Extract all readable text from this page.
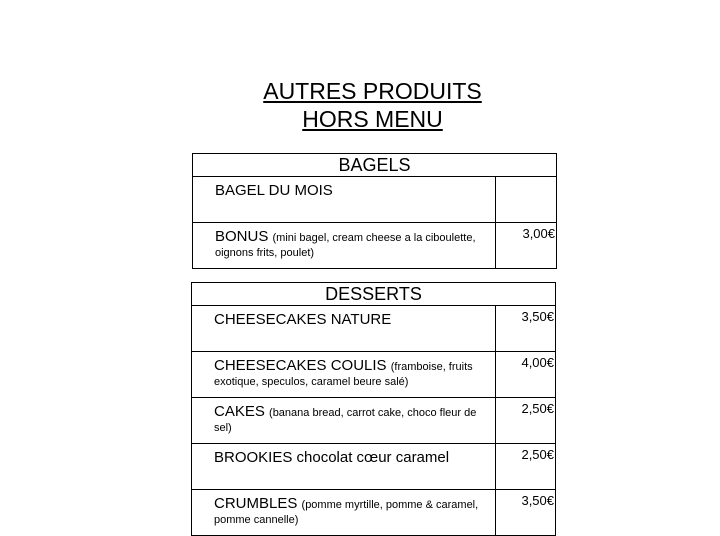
AUTRES PRODUITS
HORS MENU
BAGELS	
BAGEL DU MOIS	
BONUS (mini bagel, cream cheese a la ciboulette, oignons frits, poulet)	3,00€
DESSERTS	
CHEESECAKES NATURE	3,50€
CHEESECAKES COULIS (framboise, fruits exotique, speculos, caramel beure salé)	4,00€
CAKES (banana bread, carrot cake, choco fleur de sel)	2,50€
BROOKIES chocolat cœur caramel	2,50€
CRUMBLES (pomme myrtille, pomme & caramel, pomme cannelle)	3,50€
